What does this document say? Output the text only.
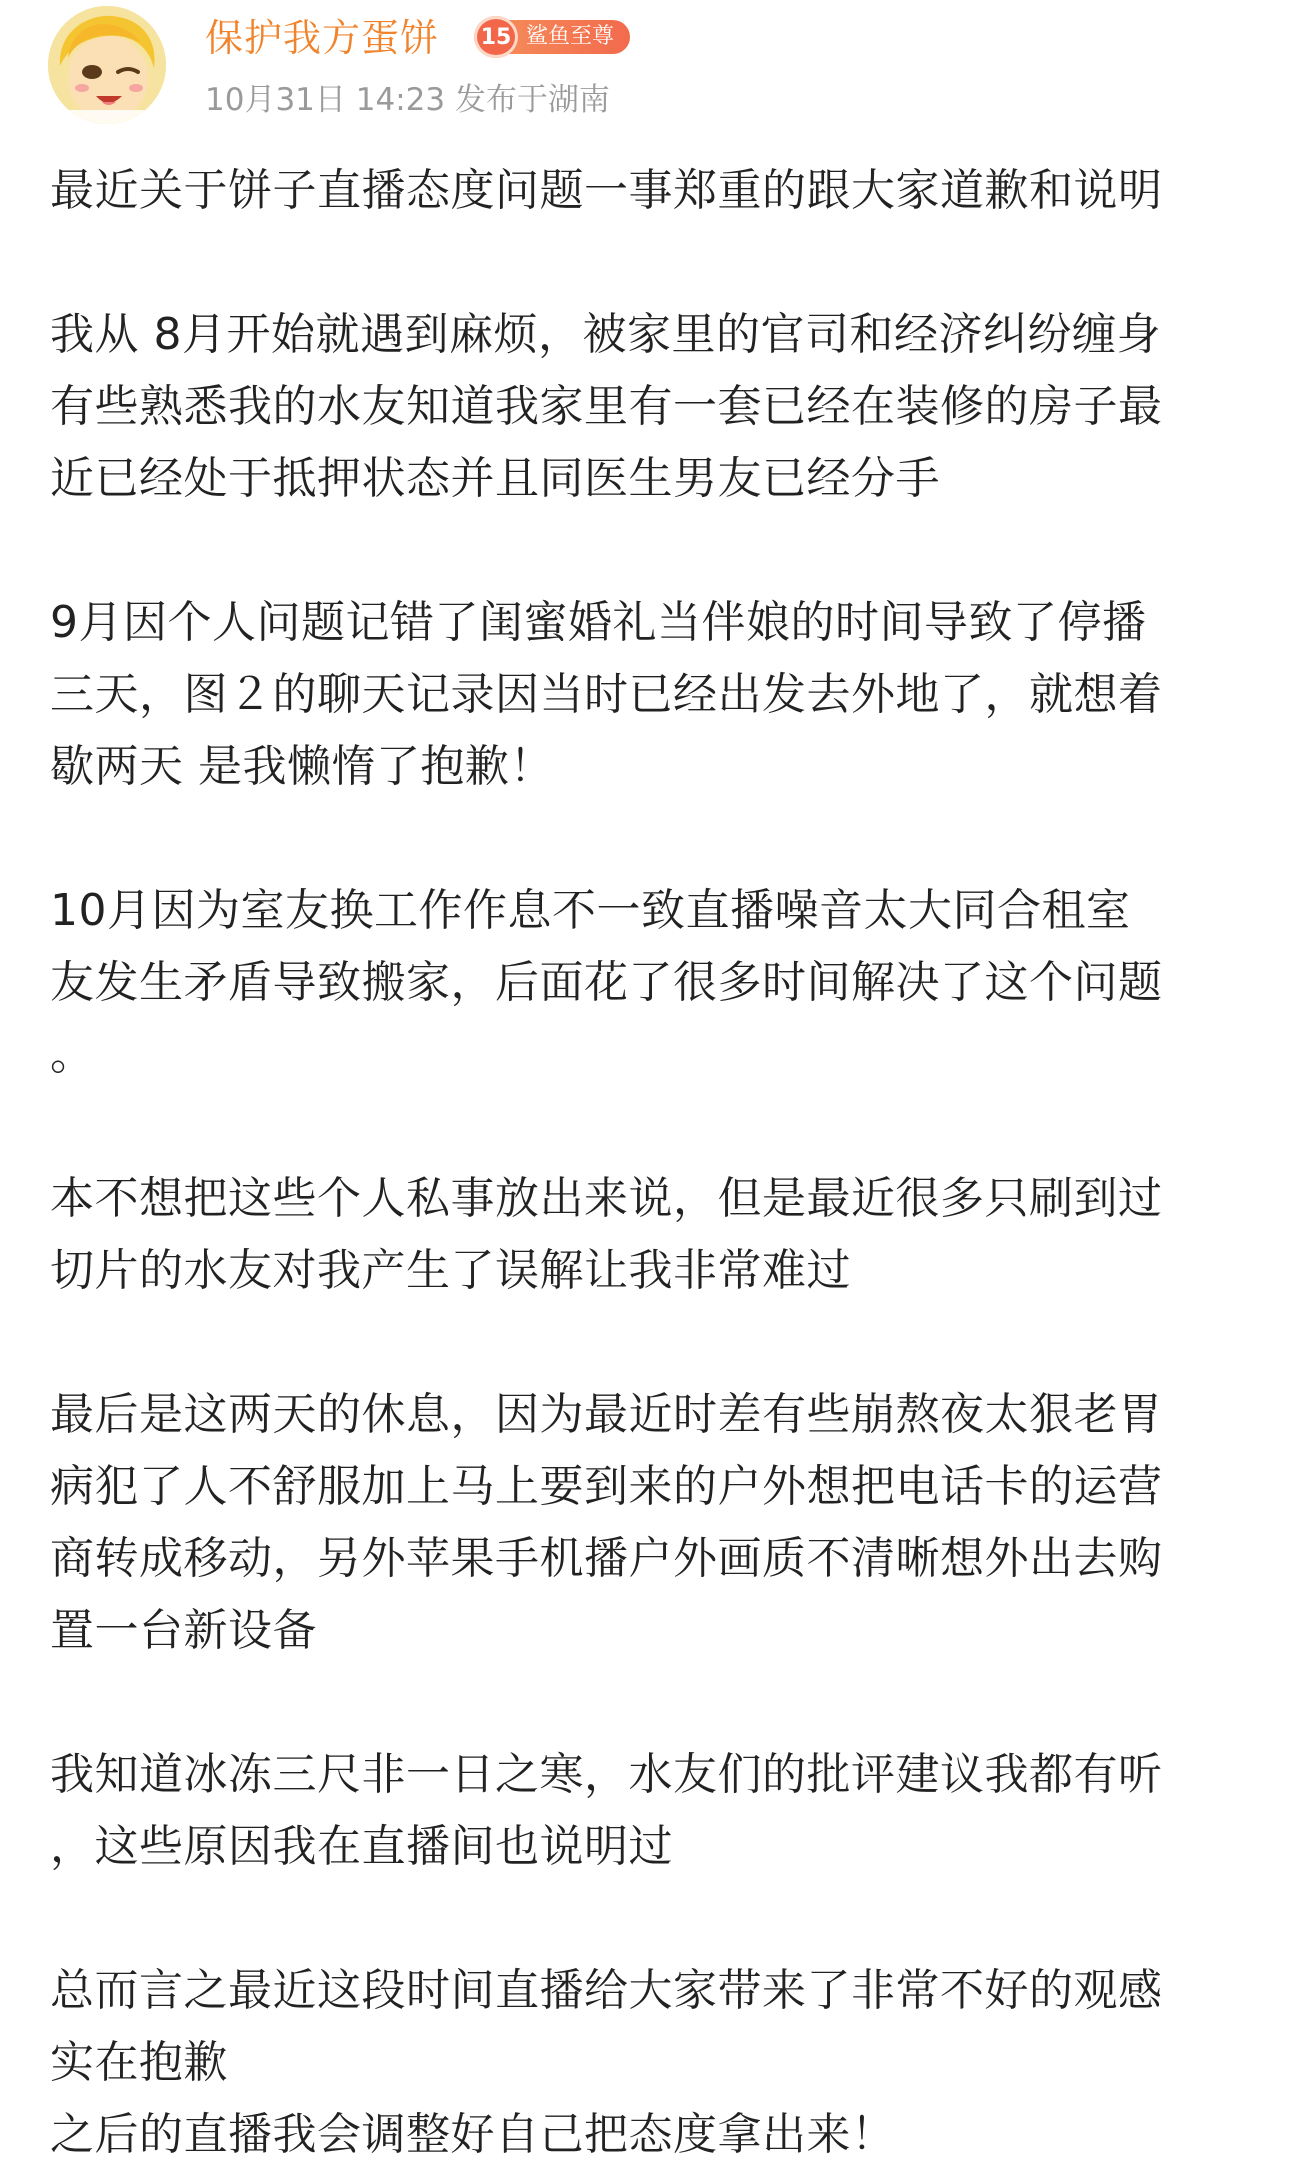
保护我方蛋饼	15 鲨鱼至尊
10月31日 14:23 发布于湖南

最近关于饼子直播态度问题一事郑重的跟大家道歉和说明

我从 8月开始就遇到麻烦，被家里的官司和经济纠纷缠身
有些熟悉我的水友知道我家里有一套已经在装修的房子最
近已经处于抵押状态并且同医生男友已经分手

9月因个人问题记错了闺蜜婚礼当伴娘的时间导致了停播
三天，图２的聊天记录因当时已经出发去外地了，就想着
歇两天 是我懒惰了抱歉！

10月因为室友换工作作息不一致直播噪音太大同合租室
友发生矛盾导致搬家，后面花了很多时间解决了这个问题
。

本不想把这些个人私事放出来说，但是最近很多只刷到过
切片的水友对我产生了误解让我非常难过

最后是这两天的休息，因为最近时差有些崩熬夜太狠老胃
病犯了人不舒服加上马上要到来的户外想把电话卡的运营
商转成移动，另外苹果手机播户外画质不清晰想外出去购
置一台新设备

我知道冰冻三尺非一日之寒，水友们的批评建议我都有听
，这些原因我在直播间也说明过

总而言之最近这段时间直播给大家带来了非常不好的观感
实在抱歉
之后的直播我会调整好自己把态度拿出来！
